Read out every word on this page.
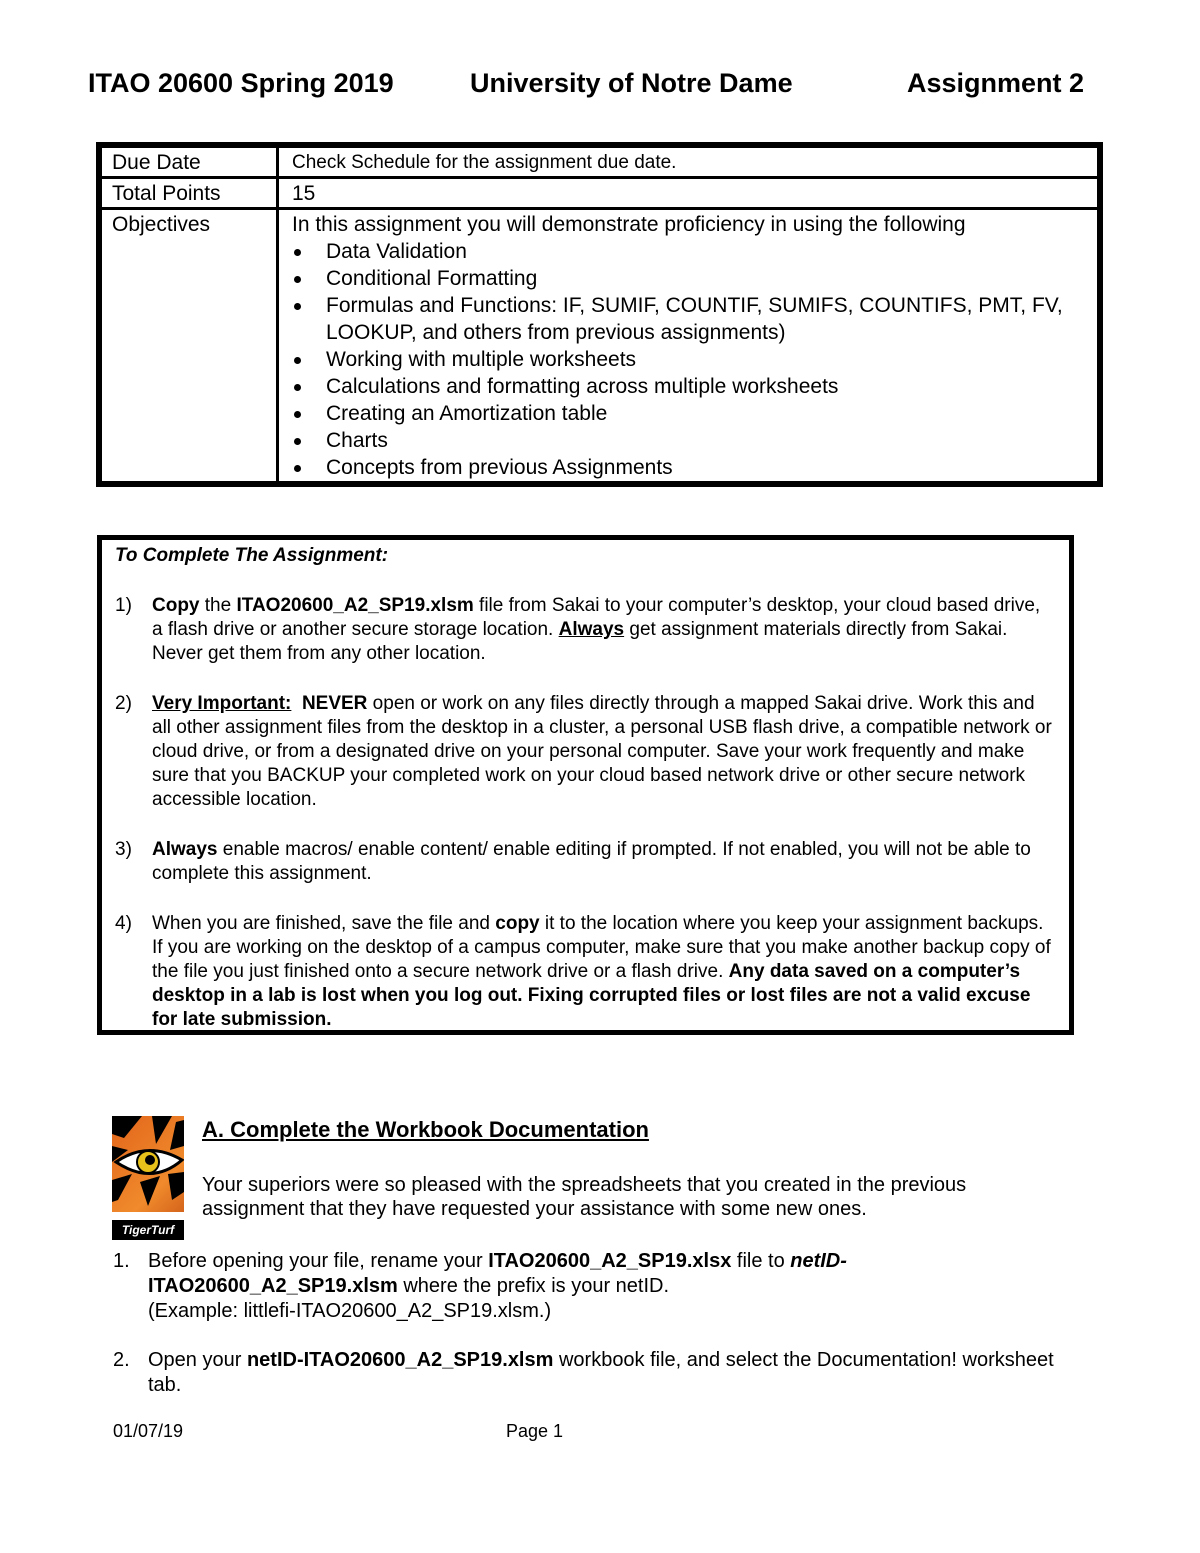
ITAO 20600 Spring 2019	University of Notre Dame	Assignment 2
Due Date	Check Schedule for the assignment due date.
Total Points	15
Objectives	In this assignment you will demonstrate proficiency in using the following
Data Validation
Conditional Formatting
Formulas and Functions: IF, SUMIF, COUNTIF, SUMIFS, COUNTIFS, PMT, FV, LOOKUP, and others from previous assignments)
Working with multiple worksheets
Calculations and formatting across multiple worksheets
Creating an Amortization table
Charts
Concepts from previous Assignments
To Complete The Assignment:
1)	Copy the ITAO20600_A2_SP19.xlsm file from Sakai to your computer’s desktop, your cloud based drive, a flash drive or another secure storage location. Always get assignment materials directly from Sakai. Never get them from any other location.
2)	Very Important: NEVER open or work on any files directly through a mapped Sakai drive. Work this and all other assignment files from the desktop in a cluster, a personal USB flash drive, a compatible network or cloud drive, or from a designated drive on your personal computer. Save your work frequently and make sure that you BACKUP your completed work on your cloud based network drive or other secure network accessible location.
3)	Always enable macros/ enable content/ enable editing if prompted. If not enabled, you will not be able to complete this assignment.
4)	When you are finished, save the file and copy it to the location where you keep your assignment backups. If you are working on the desktop of a campus computer, make sure that you make another backup copy of the file you just finished onto a secure network drive or a flash drive. Any data saved on a computer’s desktop in a lab is lost when you log out. Fixing corrupted files or lost files are not a valid excuse for late submission.
TigerTurf
A. Complete the Workbook Documentation
Your superiors were so pleased with the spreadsheets that you created in the previous assignment that they have requested your assistance with some new ones.
1. Before opening your file, rename your ITAO20600_A2_SP19.xlsx file to netID-
ITAO20600_A2_SP19.xlsm where the prefix is your netID.
(Example: littlefi-ITAO20600_A2_SP19.xlsm.)
2. Open your netID-ITAO20600_A2_SP19.xlsm workbook file, and select the Documentation! worksheet tab.
01/07/19	Page 1
